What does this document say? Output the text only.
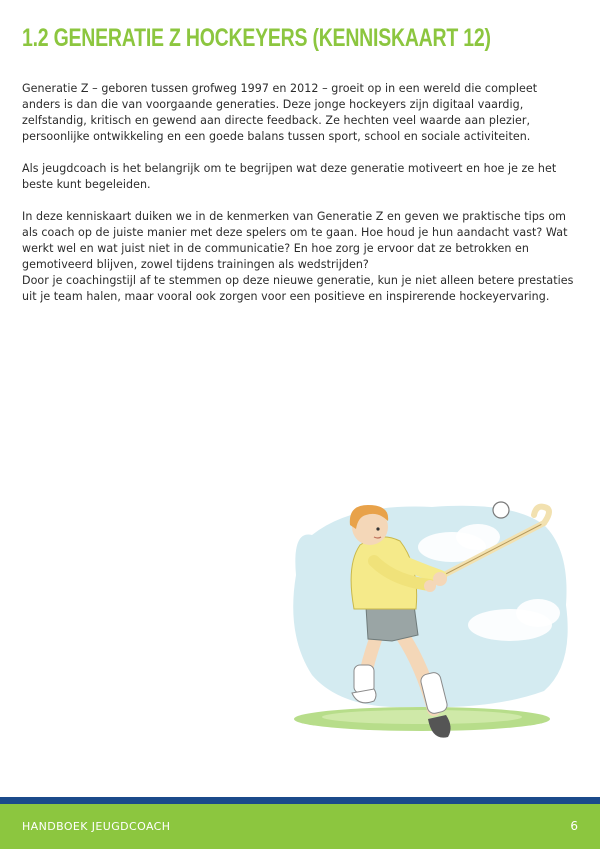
1.2 GENERATIE Z HOCKEYERS (KENNISKAART 12)

Generatie Z – geboren tussen grofweg 1997 en 2012 – groeit op in een wereld die compleet anders is dan die van voorgaande generaties. Deze jonge hockeyers zijn digitaal vaardig, zelfstandig, kritisch en gewend aan directe feedback. Ze hechten veel waarde aan plezier, persoonlijke ontwikkeling en een goede balans tussen sport, school en sociale activiteiten.

Als jeugdcoach is het belangrijk om te begrijpen wat deze generatie motiveert en hoe je ze het beste kunt begeleiden.

In deze kenniskaart duiken we in de kenmerken van Generatie Z en geven we praktische tips om als coach op de juiste manier met deze spelers om te gaan. Hoe houd je hun aandacht vast? Wat werkt wel en wat juist niet in de communicatie? En hoe zorg je ervoor dat ze betrokken en gemotiveerd blijven, zowel tijdens trainingen als wedstrijden?

Door je coachingstijl af te stemmen op deze nieuwe generatie, kun je niet alleen betere prestaties uit je team halen, maar vooral ook zorgen voor een positieve en inspirerende hockeyervaring.

HANDBOEK JEUGDCOACH	6
